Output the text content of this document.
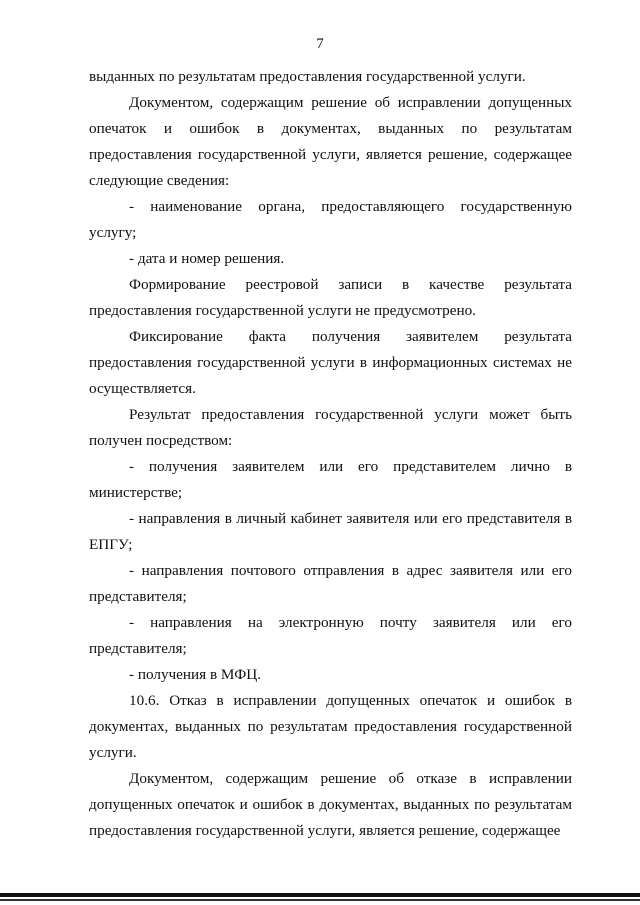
7

выданных по результатам предоставления государственной услуги.

Документом, содержащим решение об исправлении допущенных опечаток и ошибок в документах, выданных по результатам предоставления государственной услуги, является решение, содержащее следующие сведения:

- наименование органа, предоставляющего государственную услугу;

- дата и номер решения.

Формирование реестровой записи в качестве результата предоставления государственной услуги не предусмотрено.

Фиксирование факта получения заявителем результата предоставления государственной услуги в информационных системах не осуществляется.

Результат предоставления государственной услуги может быть получен посредством:

- получения заявителем или его представителем лично в министерстве;

- направления в личный кабинет заявителя или его представителя в ЕПГУ;

- направления почтового отправления в адрес заявителя или его представителя;

- направления на электронную почту заявителя или его представителя;

- получения в МФЦ.

10.6. Отказ в исправлении допущенных опечаток и ошибок в документах, выданных по результатам предоставления государственной услуги.

Документом, содержащим решение об отказе в исправлении допущенных опечаток и ошибок в документах, выданных по результатам предоставления государственной услуги, является решение, содержащее
